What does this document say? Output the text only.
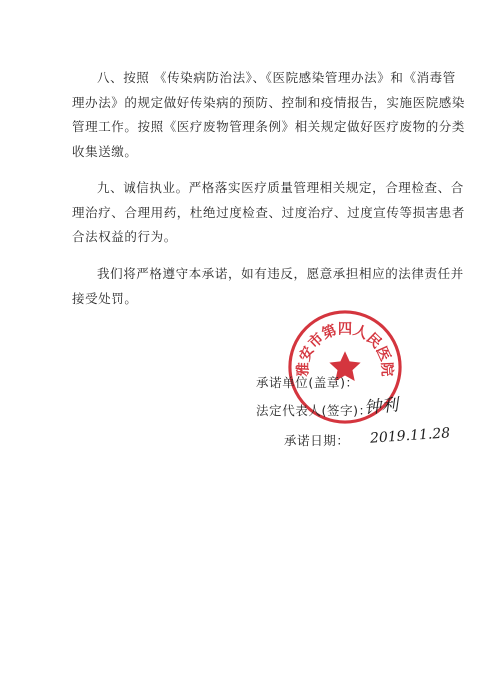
八、按照 《传染病防治法》、《医院感染管理办法》和《消毒管
理办法》的规定做好传染病的预防、控制和疫情报告，实施医院感染
管理工作。按照《医疗废物管理条例》相关规定做好医疗废物的分类
收集送缴。

九、诚信执业。严格落实医疗质量管理相关规定，合理检查、合
理治疗、合理用药，杜绝过度检查、过度治疗、过度宣传等损害患者
合法权益的行为。

我们将严格遵守本承诺，如有违反，愿意承担相应的法律责任并
接受处罚。

雅安市第四人民医院
承诺单位(盖章)：
法定代表人(签字)：
承诺日期：
钟利
2019.11.28
